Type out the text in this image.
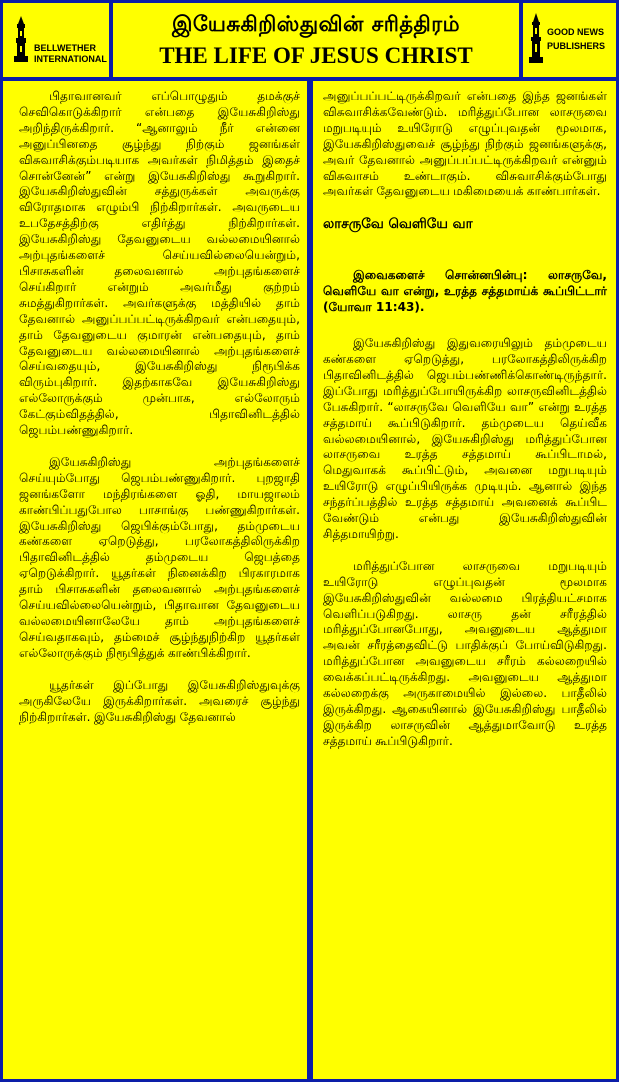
BELLWETHER
INTERNATIONAL
இயேசுகிறிஸ்துவின் சரித்திரம்
THE LIFE OF JESUS CHRIST
GOOD NEWS
PUBLISHERS

பிதாவானவர் எப்பொழுதும் தமக்குச் செவிகொடுக்கிறார் என்பதை இயேசுகிறிஸ்து அறிந்திருக்கிறார். “ஆனாலும் நீர் என்னை அனுப்பினதை சூழ்ந்து நிற்கும் ஜனங்கள் விசுவாசிக்கும்படியாக அவர்கள் நிமித்தம் இதைச் சொன்னேன்” என்று இயேசுகிறிஸ்து கூறுகிறார். இயேசுகிறிஸ்துவின் சத்துருக்கள் அவருக்கு விரோதமாக எழும்பி நிற்கிறார்கள். அவருடைய உபதேசத்திற்கு எதிர்த்து நிற்கிறார்கள். இயேசுகிறிஸ்து தேவனுடைய வல்லமையினால் அற்புதங்களைச் செய்யவில்லையென்றும், பிசாசுகளின் தலைவனால் அற்புதங்களைச் செய்கிறார் என்றும் அவர்மீது குற்றம் சுமத்துகிறார்கள். அவர்களுக்கு மத்தியில் தாம் தேவனால் அனுப்பப்பட்டிருக்கிறவர் என்பதையும், தாம் தேவனுடைய குமாரன் என்பதையும், தாம் தேவனுடைய வல்லமையினால் அற்புதங்களைச் செய்வதையும், இயேசுகிறிஸ்து நிரூபிக்க விரும்புகிறார். இதற்காகவே இயேசுகிறிஸ்து எல்லோருக்கும் முன்பாக, எல்லோரும் கேட்கும்விதத்தில், பிதாவினிடத்தில் ஜெபம்பண்ணுகிறார்.

இயேசுகிறிஸ்து அற்புதங்களைச் செய்யும்போது ஜெபம்பண்ணுகிறார். புறஜாதி ஜனங்களோ மந்திரங்களை ஓதி, மாயஜாலம் காண்பிப்பதுபோல பாசாங்கு பண்ணுகிறார்கள். இயேசுகிறிஸ்து ஜெபிக்கும்போது, தம்முடைய கண்களை ஏறெடுத்து, பரலோகத்திலிருக்கிற பிதாவினிடத்தில் தம்முடைய ஜெபத்தை ஏறெடுக்கிறார். யூதர்கள் நினைக்கிற பிரகாரமாக தாம் பிசாசுகளின் தலைவனால் அற்புதங்களைச் செய்யவில்லையென்றும், பிதாவான தேவனுடைய வல்லமையினாலேயே தாம் அற்புதங்களைச் செய்வதாகவும், தம்மைச் சூழ்ந்துநிற்கிற யூதர்கள் எல்லோருக்கும் நிரூபித்துக் காண்பிக்கிறார்.

யூதர்கள் இப்போது இயேசுகிறிஸ்துவுக்கு அருகிலேயே இருக்கிறார்கள். அவரைச் சூழ்ந்து நிற்கிறார்கள். இயேசுகிறிஸ்து தேவனால்

அனுப்பப்பட்டிருக்கிறவர் என்பதை இந்த ஜனங்கள் விசுவாசிக்கவேண்டும். மரித்துப்போன லாசருவை மறுபடியும் உயிரோடு எழுப்புவதன் மூலமாக, இயேசுகிறிஸ்துவைச் சூழ்ந்து நிற்கும் ஜனங்களுக்கு, அவர் தேவனால் அனுப்பப்பட்டிருக்கிறவர் என்னும் விசுவாசம் உண்டாகும். விசுவாசிக்கும்போது அவர்கள் தேவனுடைய மகிமையைக் காண்பார்கள்.

லாசருவே வெளியே வா

இவைகளைச் சொன்னபின்பு: லாசருவே, வெளியே வா என்று, உரத்த சத்தமாய்க் கூப்பிட்டார் (யோவா 11:43).

இயேசுகிறிஸ்து இதுவரையிலும் தம்முடைய கண்களை ஏறெடுத்து, பரலோகத்திலிருக்கிற பிதாவினிடத்தில் ஜெபம்பண்ணிக்கொண்டிருந்தார். இப்போது மரித்துப்போயிருக்கிற லாசருவினிடத்தில் பேசுகிறார். “லாசருவே வெளியே வா” என்று உரத்த சத்தமாய் கூப்பிடுகிறார். தம்முடைய தெய்வீக வல்லமையினால், இயேசுகிறிஸ்து மரித்துப்போன லாசருவை உரத்த சத்தமாய் கூப்பிடாமல், மெதுவாகக் கூப்பிட்டும், அவனை மறுபடியும் உயிரோடு எழுப்பியிருக்க முடியும். ஆனால் இந்த சந்தர்ப்பத்தில் உரத்த சத்தமாய் அவனைக் கூப்பிட வேண்டும் என்பது இயேசுகிறிஸ்துவின் சித்தமாயிற்று.

மரித்துப்போன லாசருவை மறுபடியும் உயிரோடு எழுப்புவதன் மூலமாக இயேசுகிறிஸ்துவின் வல்லமை பிரத்தியட்சமாக வெளிப்படுகிறது. லாசரு தன் சரீரத்தில் மரித்துப்போனபோது, அவனுடைய ஆத்துமா அவன் சரீரத்தைவிட்டு பாதிக்குப் போய்விடுகிறது. மரித்துப்போன அவனுடைய சரீரம் கல்லறையில் வைக்கப்பட்டிருக்கிறது. அவனுடைய ஆத்துமா கல்லறைக்கு அருகாமையில் இல்லை. பாதீலில் இருக்கிறது. ஆகையினால் இயேசுகிறிஸ்து பாதீலில் இருக்கிற லாசருவின் ஆத்துமாவோடு உரத்த சத்தமாய் கூப்பிடுகிறார்.
